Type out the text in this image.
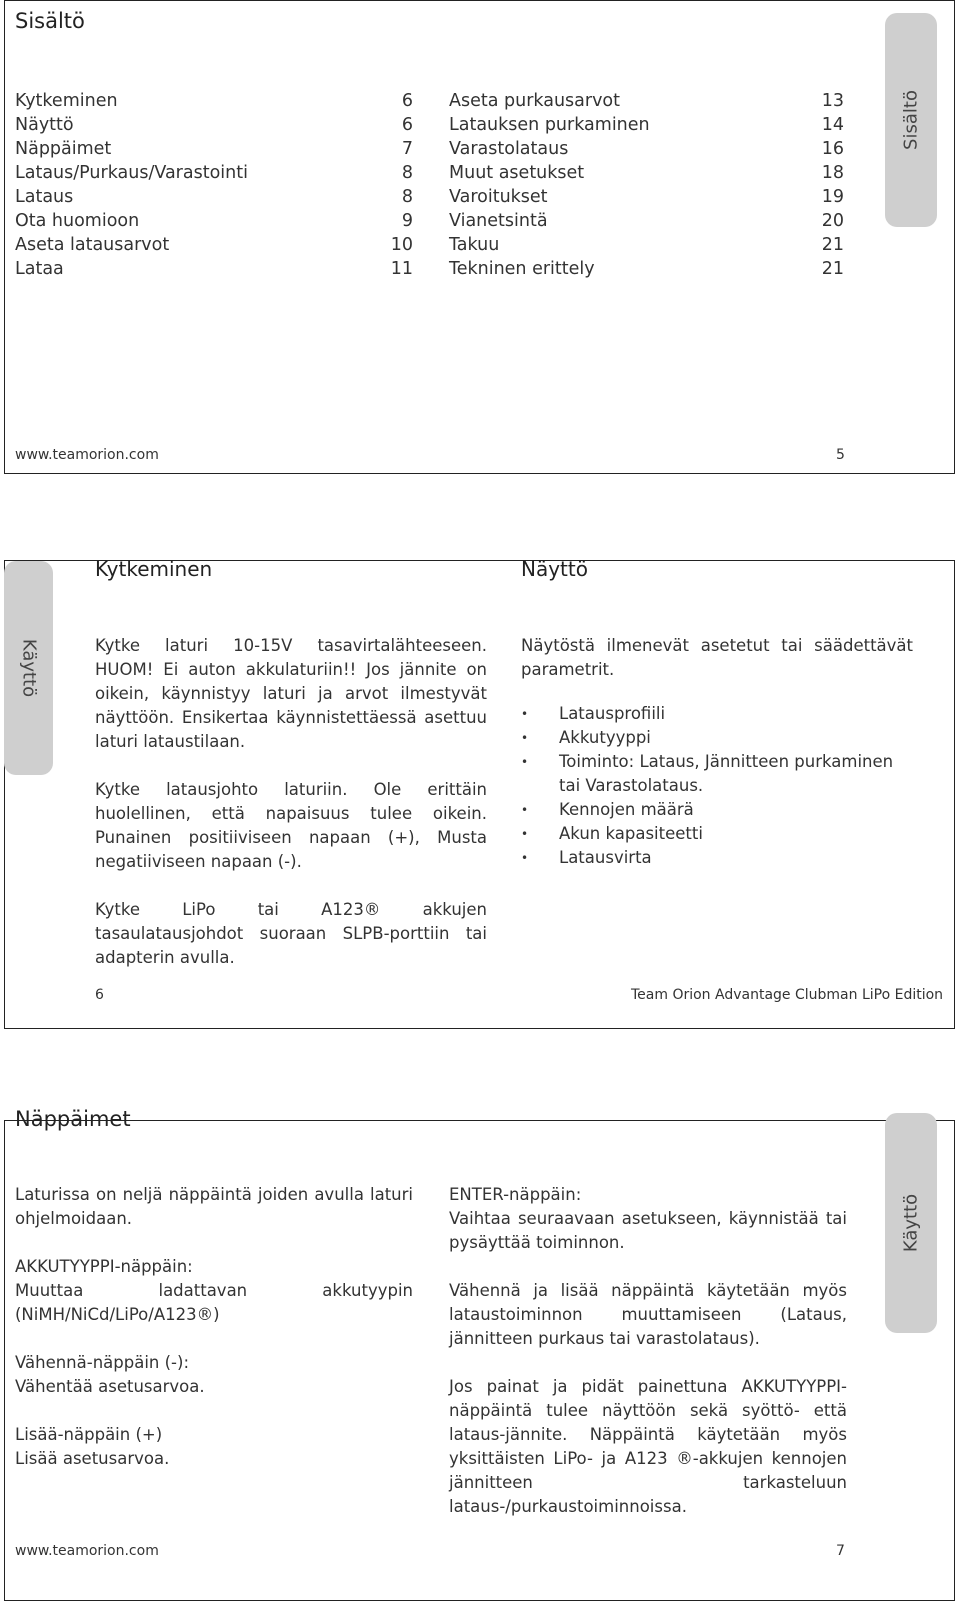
Sisältö
Sisältö
Kytkeminen	6
Näyttö	6
Näppäimet	7
Lataus/Purkaus/Varastointi	8
Lataus	8
Ota huomioon	9
Aseta latausarvot	10
Lataa	11
Aseta purkausarvot	13
Latauksen purkaminen	14
Varastolataus	16
Muut asetukset	18
Varoitukset	19
Vianetsintä	20
Takuu	21
Tekninen erittely	21
www.teamorion.com	5
Käyttö
Kytkeminen	Näyttö

Kytke laturi 10-15V tasavirtalähteeseen. HUOM! Ei auton akkulaturiin!! Jos jännite on oikein, käynnistyy laturi ja arvot ilmestyvät näyttöön. Ensikertaa käynnistettäessä asettuu laturi lataustilaan.

Kytke latausjohto laturiin. Ole erittäin huolellinen, että napaisuus tulee oikein. Punainen positiiviseen napaan (+), Musta negatiiviseen napaan (-).

Kytke LiPo tai A123® akkujen tasaulatausjohdot suoraan SLPB-porttiin tai adapterin avulla.

Näytöstä ilmenevät asetetut tai säädettävät parametrit.

• Latausprofiili
• Akkutyyppi
• Toiminto: Lataus, Jännitteen purkaminen tai Varastolataus.
• Kennojen määrä
• Akun kapasiteetti
• Latausvirta
6	Team Orion Advantage Clubman LiPo Edition
Näppäimet
Käyttö

Laturissa on neljä näppäintä joiden avulla laturi ohjelmoidaan.

AKKUTYYPPI-näppäin:
Muuttaa ladattavan akkutyypin (NiMH/NiCd/LiPo/A123®)

Vähennä-näppäin (-):
Vähentää asetusarvoa.

Lisää-näppäin (+)
Lisää asetusarvoa.

ENTER-näppäin:
Vaihtaa seuraavaan asetukseen, käynnistää tai pysäyttää toiminnon.

Vähennä ja lisää näppäintä käytetään myös lataustoiminnon muuttamiseen (Lataus, jännitteen purkaus tai varastolataus).

Jos painat ja pidät painettuna AKKUTYYPPI-näppäintä tulee näyttöön sekä syöttö- että lataus-jännite. Näppäintä käytetään myös yksittäisten LiPo- ja A123 ®-akkujen kennojen jännitteen tarkasteluun lataus-/purkaustoiminnoissa.

www.teamorion.com	7
